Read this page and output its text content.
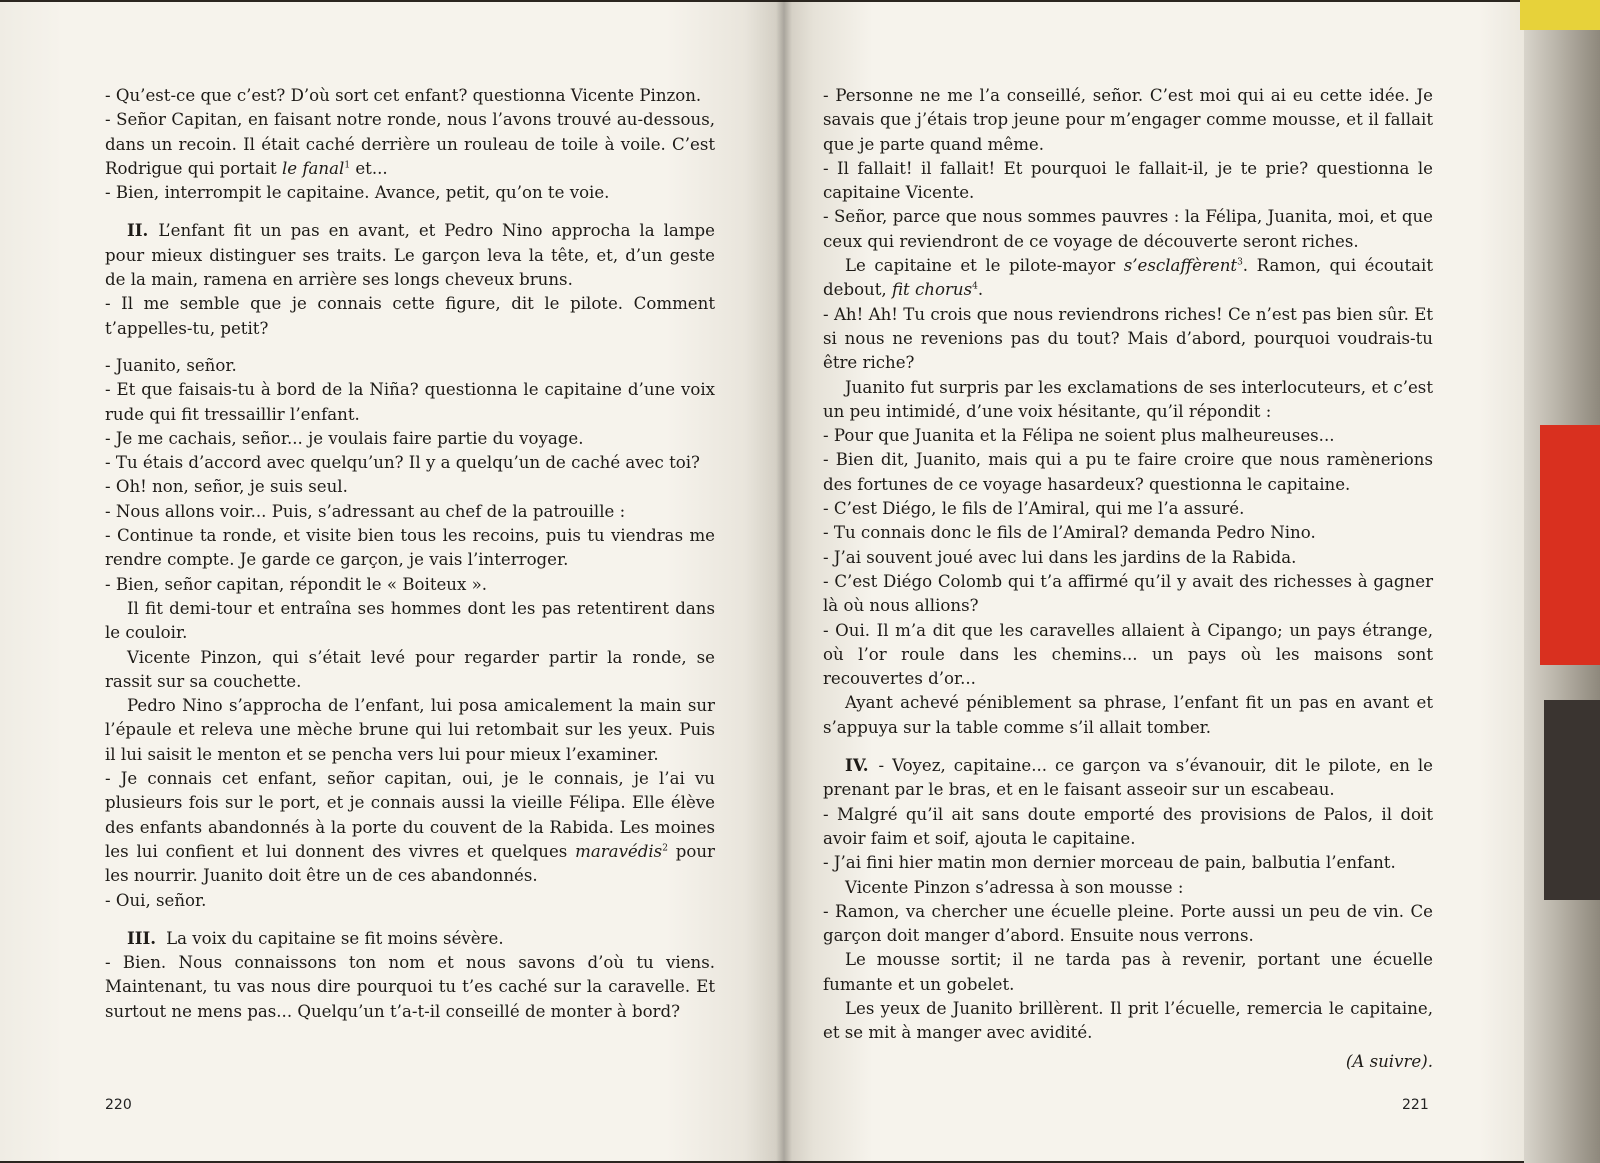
- Qu’est-ce que c’est? D’où sort cet enfant? questionna Vicente Pinzon.

- Señor Capitan, en faisant notre ronde, nous l’avons trouvé au-dessous, dans un recoin. Il était caché derrière un rouleau de toile à voile. C’est Rodrigue qui portait le fanal$^1$ et...

- Bien, interrompit le capitaine. Avance, petit, qu’on te voie.

II. L’enfant fit un pas en avant, et Pedro Nino approcha la lampe pour mieux distinguer ses traits. Le garçon leva la tête, et, d’un geste de la main, ramena en arrière ses longs cheveux bruns.

- Il me semble que je connais cette figure, dit le pilote. Comment t’appelles-tu, petit?

- Juanito, señor.

- Et que faisais-tu à bord de la Niña? questionna le capitaine d’une voix rude qui fit tressaillir l’enfant.

- Je me cachais, señor... je voulais faire partie du voyage.

- Tu étais d’accord avec quelqu’un? Il y a quelqu’un de caché avec toi?

- Oh! non, señor, je suis seul.

- Nous allons voir... Puis, s’adressant au chef de la patrouille :

- Continue ta ronde, et visite bien tous les recoins, puis tu viendras me rendre compte. Je garde ce garçon, je vais l’interroger.

- Bien, señor capitan, répondit le « Boiteux ».

Il fit demi-tour et entraîna ses hommes dont les pas retentirent dans le couloir.

Vicente Pinzon, qui s’était levé pour regarder partir la ronde, se rassit sur sa couchette.

Pedro Nino s’approcha de l’enfant, lui posa amicalement la main sur l’épaule et releva une mèche brune qui lui retombait sur les yeux. Puis il lui saisit le menton et se pencha vers lui pour mieux l’examiner.

- Je connais cet enfant, señor capitan, oui, je le connais, je l’ai vu plusieurs fois sur le port, et je connais aussi la vieille Félipa. Elle élève des enfants abandonnés à la porte du couvent de la Rabida. Les moines les lui confient et lui donnent des vivres et quelques maravédis$^2$ pour les nourrir. Juanito doit être un de ces abandonnés.

- Oui, señor.

III. La voix du capitaine se fit moins sévère.

- Bien. Nous connaissons ton nom et nous savons d’où tu viens. Maintenant, tu vas nous dire pourquoi tu t’es caché sur la caravelle. Et surtout ne mens pas... Quelqu’un t’a-t-il conseillé de monter à bord?

220

- Personne ne me l’a conseillé, señor. C’est moi qui ai eu cette idée. Je savais que j’étais trop jeune pour m’engager comme mousse, et il fallait que je parte quand même.

- Il fallait! il fallait! Et pourquoi le fallait-il, je te prie? questionna le capitaine Vicente.

- Señor, parce que nous sommes pauvres : la Félipa, Juanita, moi, et que ceux qui reviendront de ce voyage de découverte seront riches.

Le capitaine et le pilote-mayor s’esclaffèrent$^3$. Ramon, qui écoutait debout, fit chorus$^4$.

- Ah! Ah! Tu crois que nous reviendrons riches! Ce n’est pas bien sûr. Et si nous ne revenions pas du tout? Mais d’abord, pourquoi voudrais-tu être riche?

Juanito fut surpris par les exclamations de ses interlocuteurs, et c’est un peu intimidé, d’une voix hésitante, qu’il répondit :

- Pour que Juanita et la Félipa ne soient plus malheureuses...

- Bien dit, Juanito, mais qui a pu te faire croire que nous ramènerions des fortunes de ce voyage hasardeux? questionna le capitaine.

- C’est Diégo, le fils de l’Amiral, qui me l’a assuré.

- Tu connais donc le fils de l’Amiral? demanda Pedro Nino.

- J’ai souvent joué avec lui dans les jardins de la Rabida.

- C’est Diégo Colomb qui t’a affirmé qu’il y avait des richesses à gagner là où nous allions?

- Oui. Il m’a dit que les caravelles allaient à Cipango; un pays étrange, où l’or roule dans les chemins... un pays où les maisons sont recouvertes d’or...

Ayant achevé péniblement sa phrase, l’enfant fit un pas en avant et s’appuya sur la table comme s’il allait tomber.

IV. - Voyez, capitaine... ce garçon va s’évanouir, dit le pilote, en le prenant par le bras, et en le faisant asseoir sur un escabeau.

- Malgré qu’il ait sans doute emporté des provisions de Palos, il doit avoir faim et soif, ajouta le capitaine.

- J’ai fini hier matin mon dernier morceau de pain, balbutia l’enfant.

Vicente Pinzon s’adressa à son mousse :

- Ramon, va chercher une écuelle pleine. Porte aussi un peu de vin. Ce garçon doit manger d’abord. Ensuite nous verrons.

Le mousse sortit; il ne tarda pas à revenir, portant une écuelle fumante et un gobelet.

Les yeux de Juanito brillèrent. Il prit l’écuelle, remercia le capitaine, et se mit à manger avec avidité.

(A suivre).

221
